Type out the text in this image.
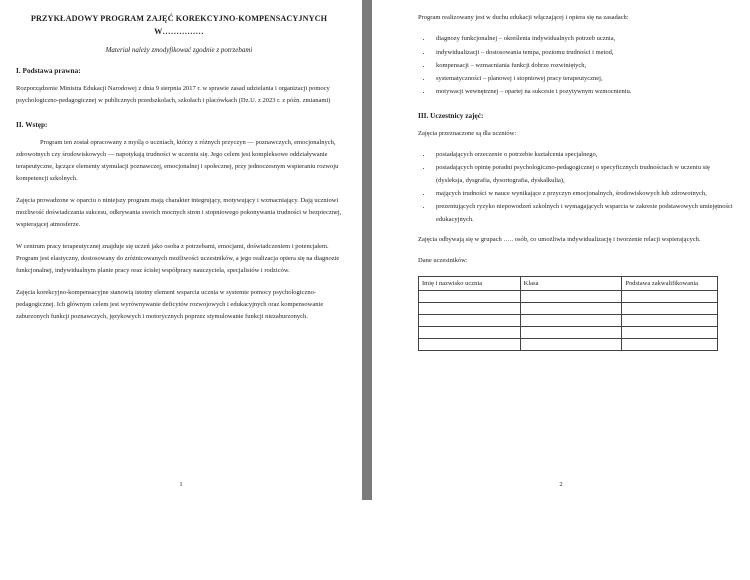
PRZYKŁADOWY PROGRAM ZAJĘĆ KOREKCYJNO-KOMPENSACYJNYCH
W……………
Materiał należy zmodyfikować zgodnie z potrzebami
I. Podstawa prawna:

Rozporządzenie Ministra Edukacji Narodowej z dnia 9 sierpnia 2017 r. w sprawie zasad udzielania i organizacji pomocy psychologiczno-pedagogicznej w publicznych przedszkolach, szkołach i placówkach (Dz.U. z 2023 r. z późn. zmianami)

II. Wstęp:

Program ten został opracowany z myślą o uczniach, którzy z różnych przyczyn — poznawczych, emocjonalnych, zdrowotnych czy środowiskowych — napotykają trudności w uczeniu się. Jego celem jest kompleksowe oddziaływanie terapeutyczne, łączące elementy stymulacji poznawczej, emocjonalnej i społecznej, przy jednoczesnym wspieraniu rozwoju kompetencji szkolnych.

Zajęcia prowadzone w oparciu o niniejszy program mają charakter integrujący, motywujący i wzmacniający. Dają uczniowi możliwość doświadczania sukcesu, odkrywania swoich mocnych stron i stopniowego pokonywania trudności w bezpiecznej, wspierającej atmosferze.

W centrum pracy terapeutycznej znajduje się uczeń jako osoba z potrzebami, emocjami, doświadczeniem i potencjałem. Program jest elastyczny, dostosowany do zróżnicowanych możliwości uczestników, a jego realizacja opiera się na diagnozie funkcjonalnej, indywidualnym planie pracy oraz ścisłej współpracy nauczyciela, specjalistów i rodziców.

Zajęcia korekcyjno-kompensacyjne stanowią istotny element wsparcia ucznia w systemie pomocy psychologiczno-pedagogicznej. Ich głównym celem jest wyrównywanie deficytów rozwojowych i edukacyjnych oraz kompensowanie zaburzonych funkcji poznawczych, językowych i motorycznych poprzez stymulowanie funkcji niezaburzonych.

1

Program realizowany jest w duchu edukacji włączającej i opiera się na zasadach:

• diagnozy funkcjonalnej – określenia indywidualnych potrzeb ucznia,
• indywidualizacji – dostosowania tempa, poziomu trudności i metod,
• kompensacji – wzmacniania funkcji dobrze rozwiniętych,
• systematyczności – planowej i stopniowej pracy terapeutycznej,
• motywacji wewnętrznej – opartej na sukcesie i pozytywnym wzmocnieniu.
III. Uczestnicy zajęć:

Zajęcia przeznaczone są dla uczniów:

• posiadających orzeczenie o potrzebie kształcenia specjalnego,
• posiadających opinię poradni psychologiczno-pedagogicznej o specyficznych trudnościach w uczeniu się (dysleksja, dysgrafia, dysortografia, dyskalkulia),
• mających trudności w nauce wynikające z przyczyn emocjonalnych, środowiskowych lub zdrowotnych,
• prezentujących ryzyko niepowodzeń szkolnych i wymagających wsparcia w zakresie podstawowych umiejętności edukacyjnych.

Zajęcia odbywają się w grupach ….. osób, co umożliwia indywidualizację i tworzenie relacji wspierających.

Dane uczestników:

Imię i nazwisko ucznia	Klasa	Podstawa zakwalifikowania

2
